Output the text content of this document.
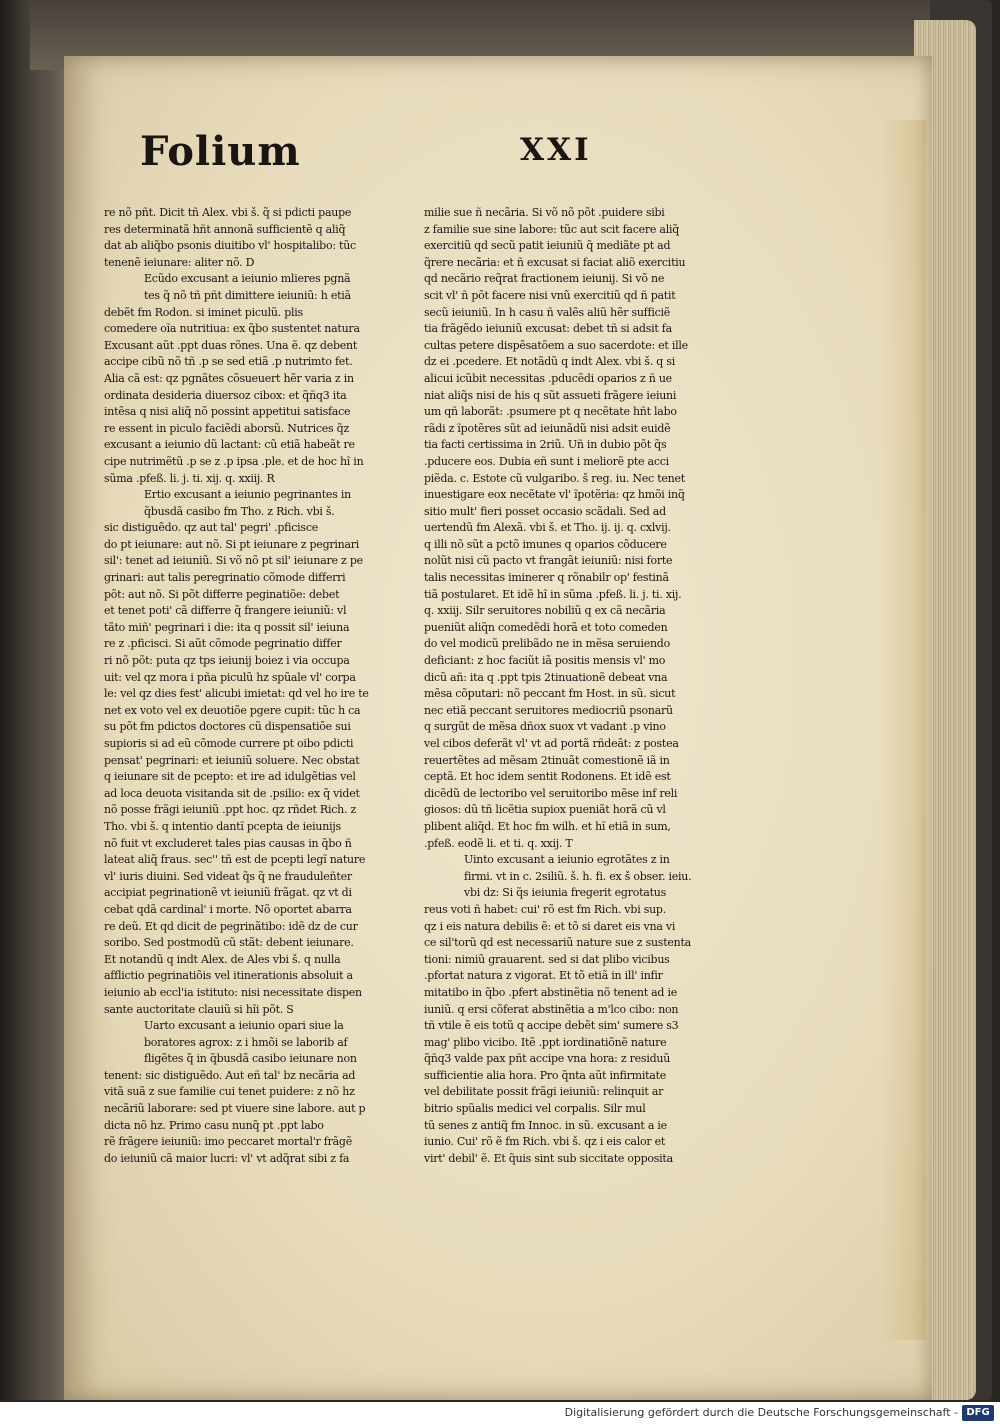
Folium	XXI
re nõ pñt. Dicit tñ Alex. vbi š. q̃ si pdicti paupe
res determinatã hñt annonã sufficientẽ q aliq̃
dat ab aliq̃bo psonis diuitibo vl' hospitalibo: tũc
tenenẽ ieiunare: aliter nõ. D
Ecũdo excusant a ieiunio mlieres pgnã
tes q̃ nõ tñ pñt dimittere ieiuniũ: h etiã
debẽt fm Rodon. si iminet piculũ. plis
comedere oĩa nutritiua: ex q̃bo sustentet natura
Excusant aũt .ppt duas rõnes. Una ẽ. qz debent
accipe cibũ nõ tñ .p se sed etiã .p nutrimto fet.
Alia cã est: qz pgnãtes cõsueuert hẽr varia z in
ordinata desideria diuersoz cibox: et q̃ñq3 ita
intẽsa q nisi aliq̃ nõ possint appetitui satisface
re essent in piculo faciẽdi aborsũ. Nutrices q̃z
excusant a ieiunio dũ lactant: cũ etiã habeãt re
cipe nutrimẽtũ .p se z .p ipsa .ple. et de hoc hĩ in
sũma .pfeß. li. j. ti. xij. q. xxiij. R
Ertio excusant a ieiunio pegrinantes in
q̃busdã casibo fm Tho. z Rich. vbi š.
sic distiguẽdo. qz aut tal' pegri' .pficisce
do pt ieiunare: aut nõ. Si pt ieiunare z pegrinari
sil': tenet ad ieiuniũ. Si võ nõ pt sil' ieiunare z pe
grinari: aut talis peregrinatio cõmode differri
põt: aut nõ. Si põt differre peginatiõe: debet
et tenet poti' cã differre q̃ frangere ieiuniũ: vl
tãto miñ' pegrinari i die: ita q possit sil' ieiuna
re z .pficisci. Si aũt cõmode pegrinatio differ
ri nõ põt: puta qz tps ieiunij boiez i via occupa
uit: vel qz mora i pña piculũ hz spũale vl' corpa
le: vel qz dies fest' alicubi imietat: qd vel ho ire te
net ex voto vel ex deuotiõe pgere cupit: tũc h ca
su põt fm pdictos doctores cũ dispensatiõe sui
supioris si ad eũ cõmode currere pt oibo pdicti
pensat' pegrinari: et ieiuniũ soluere. Nec obstat
q ieiunare sit de pcepto: et ire ad idulgẽtias vel
ad loca deuota visitanda sit de .psilio: ex q̃ videt
nõ posse frãgi ieiuniũ .ppt hoc. qz rñdet Rich. z
Tho. vbi š. q intentio dantĩ pcepta de ieiunijs
nõ fuit vt excluderet tales pias causas in q̃bo ñ
lateat aliq̃ fraus. sec'' tñ est de pcepti legĩ nature
vl' iuris diuini. Sed videat q̃s q̃ ne frauduleñter
accipiat pegrinationẽ vt ieiuniũ frãgat. qz vt di
cebat qdã cardinal' i morte. Nõ oportet abarra
re deũ. Et qd dicit de pegrinãtibo: idẽ dz de cur
soribo. Sed postmodũ cũ stãt: debent ieiunare.
Et notandũ q indt Alex. de Ales vbi š. q nulla
afflictio pegrinatiõis vel itinerationis absoluit a
ieiunio ab eccl'ia istituto: nisi necessitate dispen
sante auctoritate clauiũ si hĩi põt. S
Uarto excusant a ieiunio opari siue la
boratores agrox: z i hmõi se laborib af
fligẽtes q̃ in q̃busdã casibo ieiunare non
tenent: sic distiguẽdo. Aut eñ tal' bz necãria ad
vitã suã z sue familie cui tenet puidere: z nõ hz
necãriũ laborare: sed pt viuere sine labore. aut p
dicta nõ hz. Primo casu nunq̃ pt .ppt labo
rẽ frãgere ieiuniũ: imo peccaret mortal'r frãgẽ
do ieiuniũ cã maior lucri: vl' vt adq̃rat sibi z fa
milie sue ñ necãria. Si võ nõ põt .puidere sibi
z familie sue sine labore: tũc aut scit facere aliq̃
exercitiũ qd secũ patit ieiuniũ q̃ mediãte pt ad
q̃rere necãria: et ñ excusat si faciat aliõ exercitiu
qd necãrio req̃rat fractionem ieiunij. Si võ ne
scit vl' ñ põt facere nisi vnũ exercitiũ qd ñ patit
secũ ieiuniũ. In h casu ñ valẽs aliũ hẽr sufficiẽ
tia frãgẽdo ieiuniũ excusat: debet tñ si adsit fa
cultas petere dispẽsatõem a suo sacerdote: et ille
dz ei .pcedere. Et notãdũ q indt Alex. vbi š. q si
alicui icũbit necessitas .pducẽdi oparios z ñ ue
niat aliq̃s nisi de his q sũt assueti frãgere ieiuni
um qñ laborãt: .psumere pt q necẽtate hñt labo
rãdi z ĩpotẽres sũt ad ieiunãdũ nisi adsit euidẽ
tia facti certissima in 2riũ. Uñ in dubio põt q̃s
.pducere eos. Dubia eñ sunt i meliorẽ pte acci
piẽda. c. Estote cũ vulgaribo. š reg. iu. Nec tenet
inuestigare eox necẽtate vl' ĩpotẽria: qz hmõi inq̃
sitio mult' fieri posset occasio scãdali. Sed ad
uertendũ fm Alexã. vbi š. et Tho. ij. ij. q. cxlvij.
q illi nõ sũt a pctõ imunes q oparios cõducere
nolũt nisi cũ pacto vt frangãt ieiuniũ: nisi forte
talis necessitas iminerer q rõnabilr op' festinã
tiã postularet. Et idẽ hĩ in sũma .pfeß. li. j. ti. xij.
q. xxiij. Silr seruitores nobiliũ q ex cã necãria
pueniũt aliq̃n comedẽdi horã et toto comeden
do vel modicũ prelibãdo ne in mẽsa seruiendo
deficiant: z hoc faciũt iã positis mensis vl' mo
dicũ añ: ita q .ppt tpis 2tinuationẽ debeat vna
mẽsa cõputari: nõ peccant fm Host. in sũ. sicut
nec etiã peccant seruitores mediocriũ psonarũ
q surgũt de mẽsa dñox suox vt vadant .p vino
vel cibos deferãt vl' vt ad portã rñdeãt: z postea
reuertẽtes ad mẽsam 2tinuãt comestionẽ iã in
ceptã. Et hoc idem sentit Rodonens. Et idẽ est
dicẽdũ de lectoribo vel seruitoribo mẽse inf reli
giosos: dũ tñ licẽtia supiox pueniãt horã cũ vl
plibent aliq̃d. Et hoc fm wilh. et hĩ etiã in sum,
.pfeß. eodẽ li. et ti. q. xxij. T
Uinto excusant a ieiunio egrotãtes z in
firmi. vt in c. 2siliũ. š. h. fi. ex š obser. ieiu.
vbi dz: Si q̃s ieiunia fregerit egrotatus
reus voti ñ habet: cui' rõ est fm Rich. vbi sup.
qz i eis natura debilis ẽ: et tõ si daret eis vna vi
ce sil'torũ qd est necessariũ nature sue z sustenta
tioni: nimiũ grauarent. sed si dat plibo vicibus
.pfortat natura z vigorat. Et tõ etiã in ill' infir
mitatibo in q̃bo .pfert abstinẽtia nõ tenent ad ie
iuniũ. q ersi cõferat abstinẽtia a m'lco cibo: non
tñ vtile ẽ eis totũ q accipe debẽt sim' sumere s3
mag' plibo vicibo. Itẽ .ppt iordinatiõnẽ nature
q̃ñq3 valde pax pñt accipe vna hora: z residuũ
sufficientie alia hora. Pro q̃nta aũt infirmitate
vel debilitate possit frãgi ieiuniũ: relinquit ar
bitrio spũalis medici vel corpalis. Silr mul
tũ senes z antiq̃ fm Innoc. in sũ. excusant a ie
iunio. Cui' rõ ẽ fm Rich. vbi š. qz i eis calor et
virt' debil' ẽ. Et q̃uis sint sub siccitate opposita
Digitalisierung gefördert durch die Deutsche Forschungsgemeinschaft - DFG
